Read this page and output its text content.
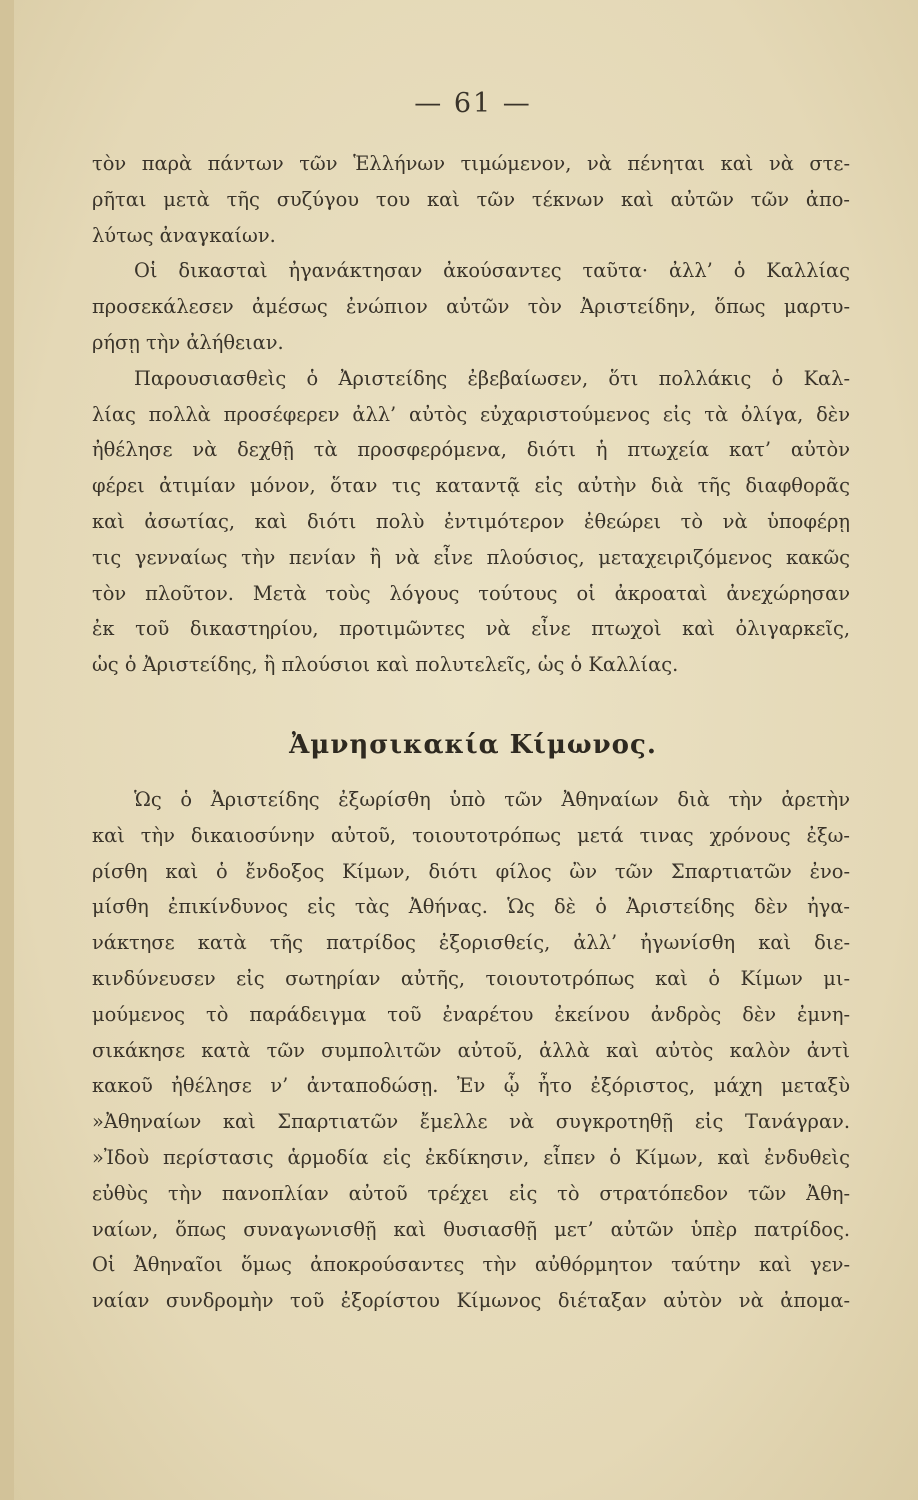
— 61 —
τὸν παρὰ πάντων τῶν Ἑλλήνων τιμώμενον, νὰ πένηται καὶ νὰ στε-
ρῆται μετὰ τῆς συζύγου του καὶ τῶν τέκνων καὶ αὐτῶν τῶν ἀπο-
λύτως ἀναγκαίων.
Οἱ δικασταὶ ἠγανάκτησαν ἀκούσαντες ταῦτα· ἀλλ’ ὁ Καλλίας
προσεκάλεσεν ἀμέσως ἐνώπιον αὐτῶν τὸν Ἀριστείδην, ὅπως μαρτυ-
ρήσῃ τὴν ἀλήθειαν.
Παρουσιασθεὶς ὁ Ἀριστείδης ἐβεβαίωσεν, ὅτι πολλάκις ὁ Καλ-
λίας πολλὰ προσέφερεν ἀλλ’ αὐτὸς εὐχαριστούμενος εἰς τὰ ὀλίγα, δὲν
ἠθέλησε νὰ δεχθῇ τὰ προσφερόμενα, διότι ἡ πτωχεία κατ’ αὐτὸν
φέρει ἀτιμίαν μόνον, ὅταν τις καταντᾷ εἰς αὐτὴν διὰ τῆς διαφθορᾶς
καὶ ἀσωτίας, καὶ διότι πολὺ ἐντιμότερον ἐθεώρει τὸ νὰ ὑποφέρῃ
τις γενναίως τὴν πενίαν ἢ νὰ εἶνε πλούσιος, μεταχειριζόμενος κακῶς
τὸν πλοῦτον. Μετὰ τοὺς λόγους τούτους οἱ ἀκροαταὶ ἀνεχώρησαν
ἐκ τοῦ δικαστηρίου, προτιμῶντες νὰ εἶνε πτωχοὶ καὶ ὀλιγαρκεῖς,
ὡς ὁ Ἀριστείδης, ἢ πλούσιοι καὶ πολυτελεῖς, ὡς ὁ Καλλίας.
Ἀμνησικακία Κίμωνος.
Ὡς ὁ Ἀριστείδης ἐξωρίσθη ὑπὸ τῶν Ἀθηναίων διὰ τὴν ἀρετὴν
καὶ τὴν δικαιοσύνην αὐτοῦ, τοιουτοτρόπως μετά τινας χρόνους ἐξω-
ρίσθη καὶ ὁ ἔνδοξος Κίμων, διότι φίλος ὢν τῶν Σπαρτιατῶν ἐνο-
μίσθη ἐπικίνδυνος εἰς τὰς Ἀθήνας. Ὡς δὲ ὁ Ἀριστείδης δὲν ἠγα-
νάκτησε κατὰ τῆς πατρίδος ἐξορισθείς, ἀλλ’ ἠγωνίσθη καὶ διε-
κινδύνευσεν εἰς σωτηρίαν αὐτῆς, τοιουτοτρόπως καὶ ὁ Κίμων μι-
μούμενος τὸ παράδειγμα τοῦ ἐναρέτου ἐκείνου ἀνδρὸς δὲν ἐμνη-
σικάκησε κατὰ τῶν συμπολιτῶν αὐτοῦ, ἀλλὰ καὶ αὐτὸς καλὸν ἀντὶ
κακοῦ ἠθέλησε ν’ ἀνταποδώσῃ. Ἐν ᾧ ἦτο ἐξόριστος, μάχη μεταξὺ
»Ἀθηναίων καὶ Σπαρτιατῶν ἔμελλε νὰ συγκροτηθῇ εἰς Τανάγραν.
»Ἰδοὺ περίστασις ἁρμοδία εἰς ἐκδίκησιν, εἶπεν ὁ Κίμων, καὶ ἐνδυθεὶς
εὐθὺς τὴν πανοπλίαν αὐτοῦ τρέχει εἰς τὸ στρατόπεδον τῶν Ἀθη-
ναίων, ὅπως συναγωνισθῇ καὶ θυσιασθῇ μετ’ αὐτῶν ὑπὲρ πατρίδος.
Οἱ Ἀθηναῖοι ὅμως ἀποκρούσαντες τὴν αὐθόρμητον ταύτην καὶ γεν-
ναίαν συνδρομὴν τοῦ ἐξορίστου Κίμωνος διέταξαν αὐτὸν νὰ ἀπομα-
